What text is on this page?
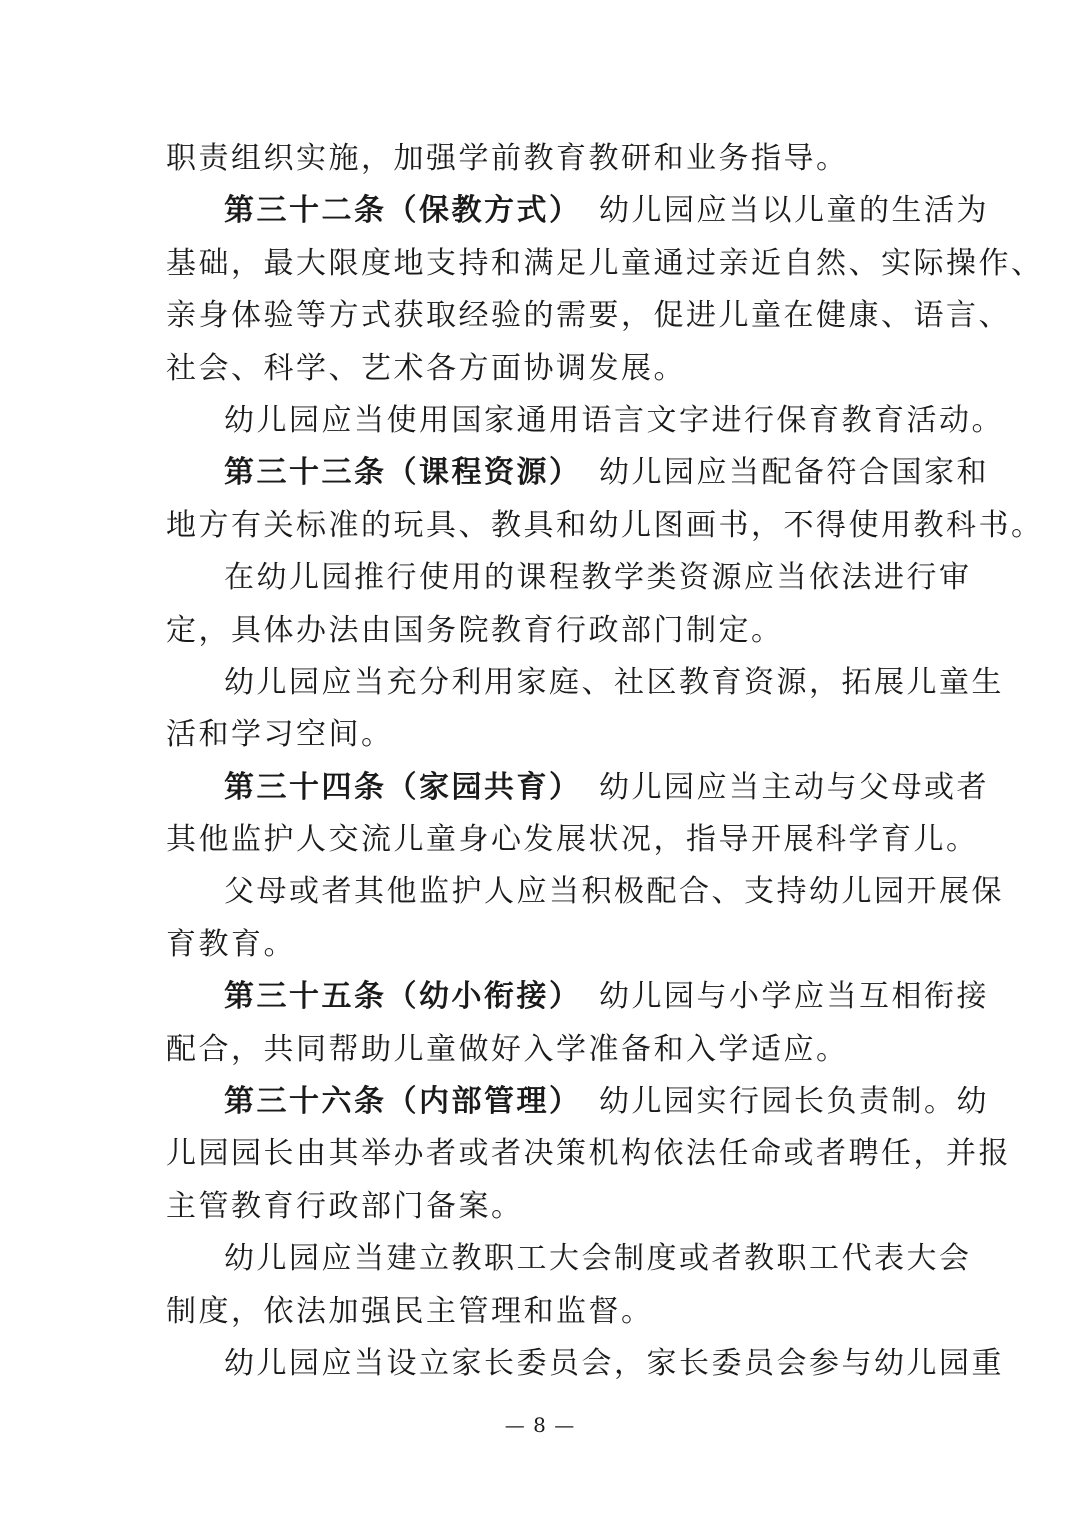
职责组织实施，加强学前教育教研和业务指导。
第三十二条（保教方式）　 幼儿园应当以儿童的生活为
基础，最大限度地支持和满足儿童通过亲近自然、实际操作、
亲身体验等方式获取经验的需要，促进儿童在健康、语言、
社会、科学、艺术各方面协调发展。
幼儿园应当使用国家通用语言文字进行保育教育活动。
第三十三条（课程资源）　 幼儿园应当配备符合国家和
地方有关标准的玩具、教具和幼儿图画书，不得使用教科书。
在幼儿园推行使用的课程教学类资源应当依法进行审
定，具体办法由国务院教育行政部门制定。
幼儿园应当充分利用家庭、社区教育资源，拓展儿童生
活和学习空间。
第三十四条（家园共育）　 幼儿园应当主动与父母或者
其他监护人交流儿童身心发展状况，指导开展科学育儿。
父母或者其他监护人应当积极配合、支持幼儿园开展保
育教育。
第三十五条（幼小衔接）　 幼儿园与小学应当互相衔接
配合，共同帮助儿童做好入学准备和入学适应。
第三十六条（内部管理）　 幼儿园实行园长负责制。幼
儿园园长由其举办者或者决策机构依法任命或者聘任，并报
主管教育行政部门备案。
幼儿园应当建立教职工大会制度或者教职工代表大会
制度，依法加强民主管理和监督。
幼儿园应当设立家长委员会，家长委员会参与幼儿园重
— 8 —
